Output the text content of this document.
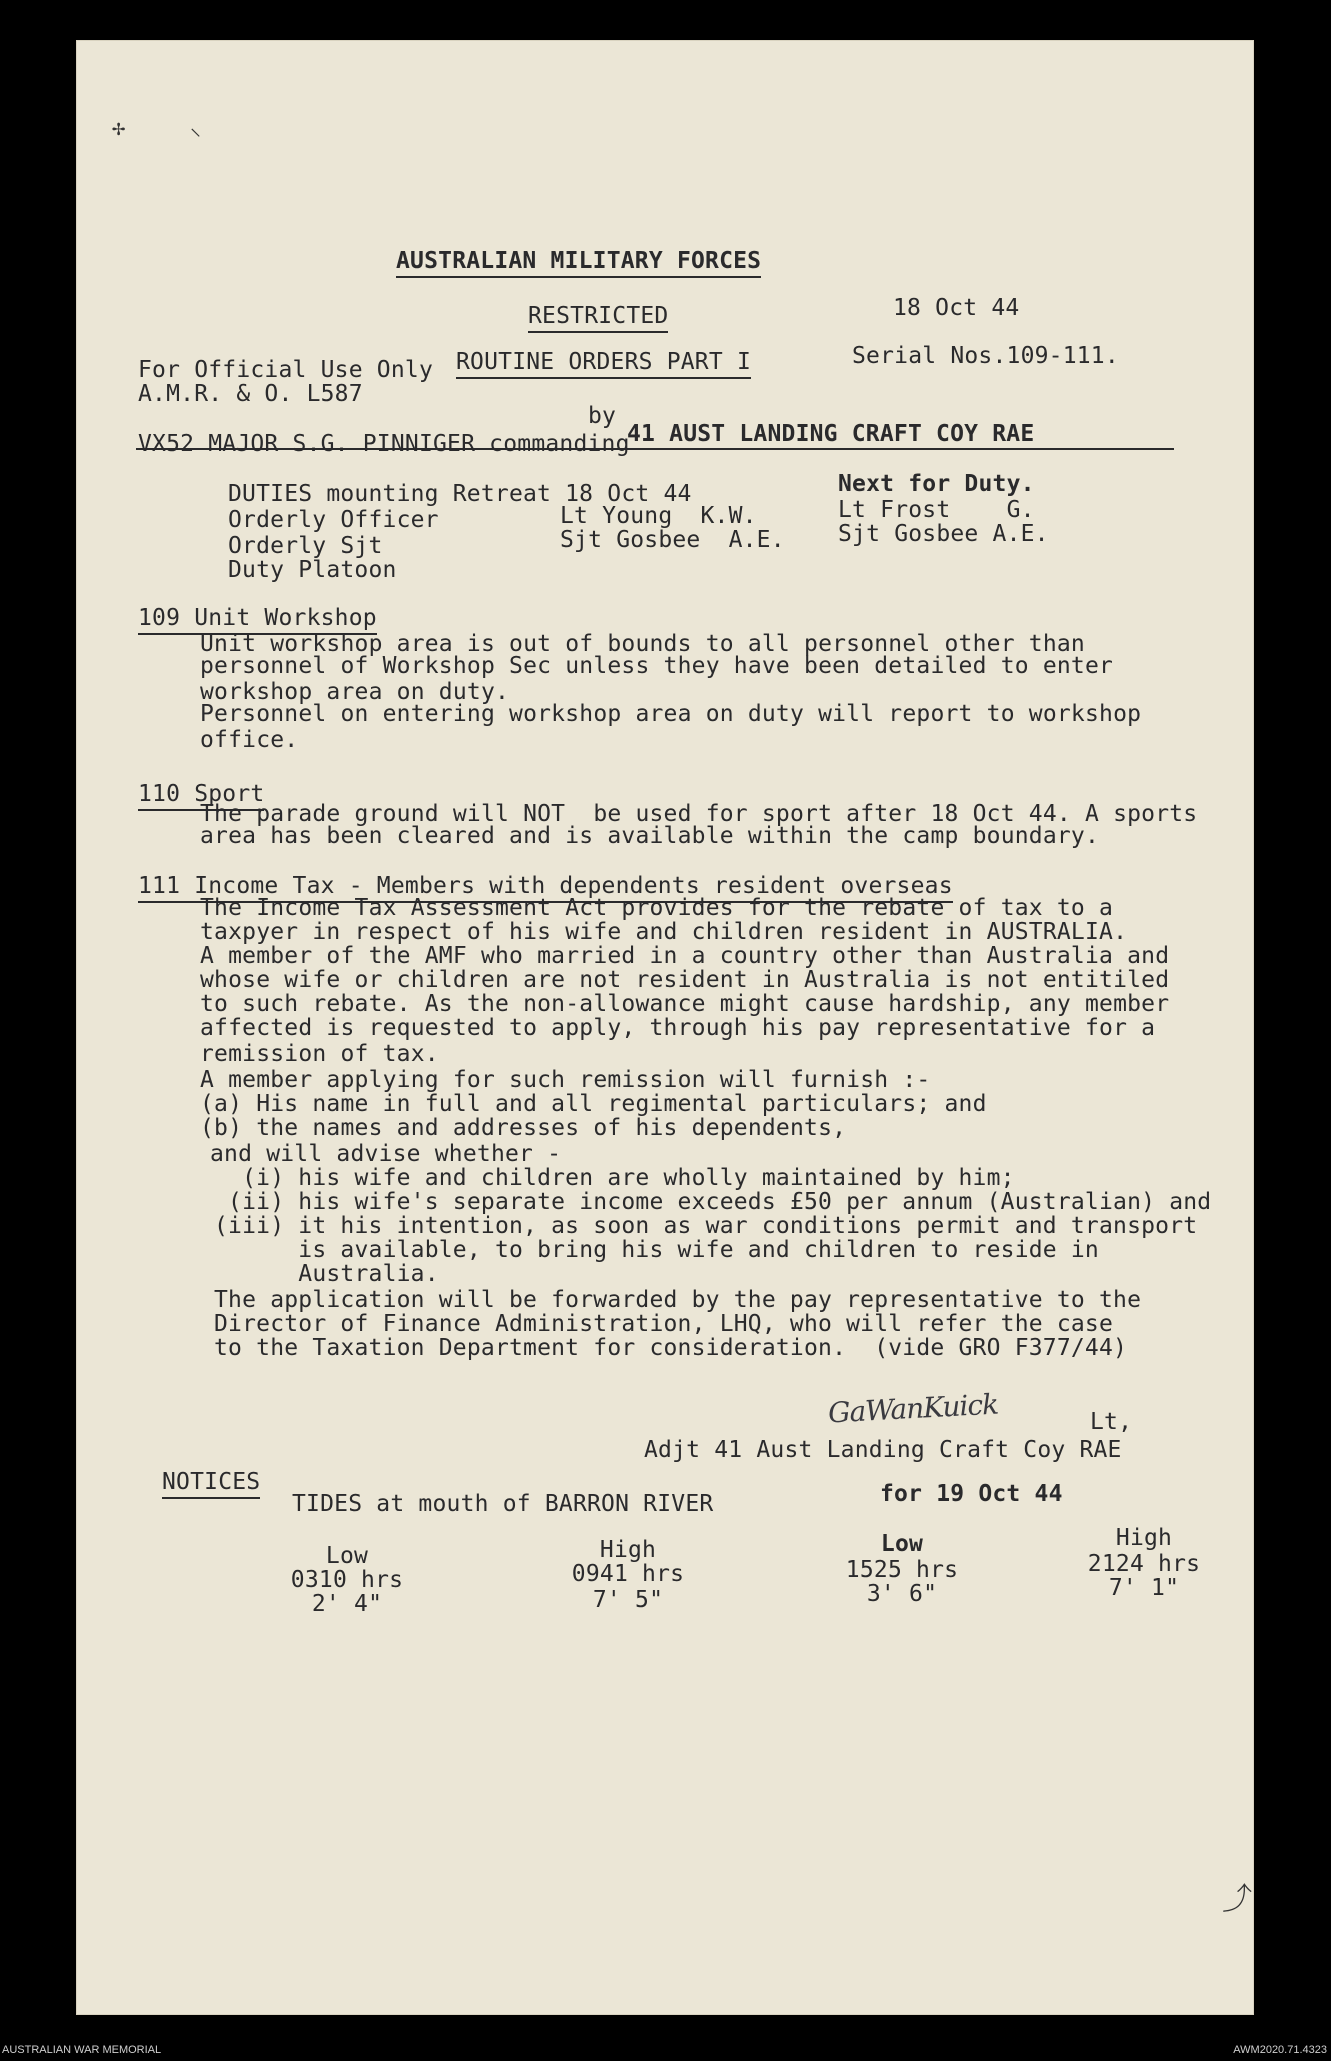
✢	⸜
⤴
AUSTRALIAN MILITARY FORCES
RESTRICTED	18 Oct 44
For Official Use Only ROUTINE ORDERS PART I	Serial Nos.109-111.
A.M.R. & O. L587
by
VX52 MAJOR S.G. PINNIGER commanding
41 AUST LANDING CRAFT COY RAE
DUTIES mounting Retreat 18 Oct 44	Next for Duty.
Orderly Officer	Lt Young  K.W.	Lt Frost    G.
Orderly Sjt	Sjt Gosbee  A.E. Sjt Gosbee A.E.
Duty Platoon
109 Unit Workshop
Unit workshop area is out of bounds to all personnel other than
personnel of Workshop Sec unless they have been detailed to enter
workshop area on duty.
Personnel on entering workshop area on duty will report to workshop
office.
110 Sport
The parade ground will NOT  be used for sport after 18 Oct 44. A sports
area has been cleared and is available within the camp boundary.
111 Income Tax - Members with dependents resident overseas
The Income Tax Assessment Act provides for the rebate of tax to a
taxpyer in respect of his wife and children resident in AUSTRALIA.
A member of the AMF who married in a country other than Australia and
whose wife or children are not resident in Australia is not entitiled
to such rebate. As the non-allowance might cause hardship, any member
affected is requested to apply, through his pay representative for a
remission of tax.
A member applying for such remission will furnish :-
(a) His name in full and all regimental particulars; and
(b) the names and addresses of his dependents,
and will advise whether -
(i) his wife and children are wholly maintained by him;
(ii) his wife's separate income exceeds £50 per annum (Australian) and
(iii) it his intention, as soon as war conditions permit and transport
is available, to bring his wife and children to reside in
Australia.
The application will be forwarded by the pay representative to the
Director of Finance Administration, LHQ, who will refer the case
to the Taxation Department for consideration.  (vide GRO F377/44)
GaWanKuick	Lt,
Adjt 41 Aust Landing Craft Coy RAE
NOTICES
TIDES at mouth of BARRON RIVER	for 19 Oct 44
Low
0310 hrs
2' 4"
High
0941 hrs
7' 5"
Low
1525 hrs
3' 6"
High
2124 hrs
7' 1"
AUSTRALIAN WAR MEMORIAL	AWM2020.71.4323
